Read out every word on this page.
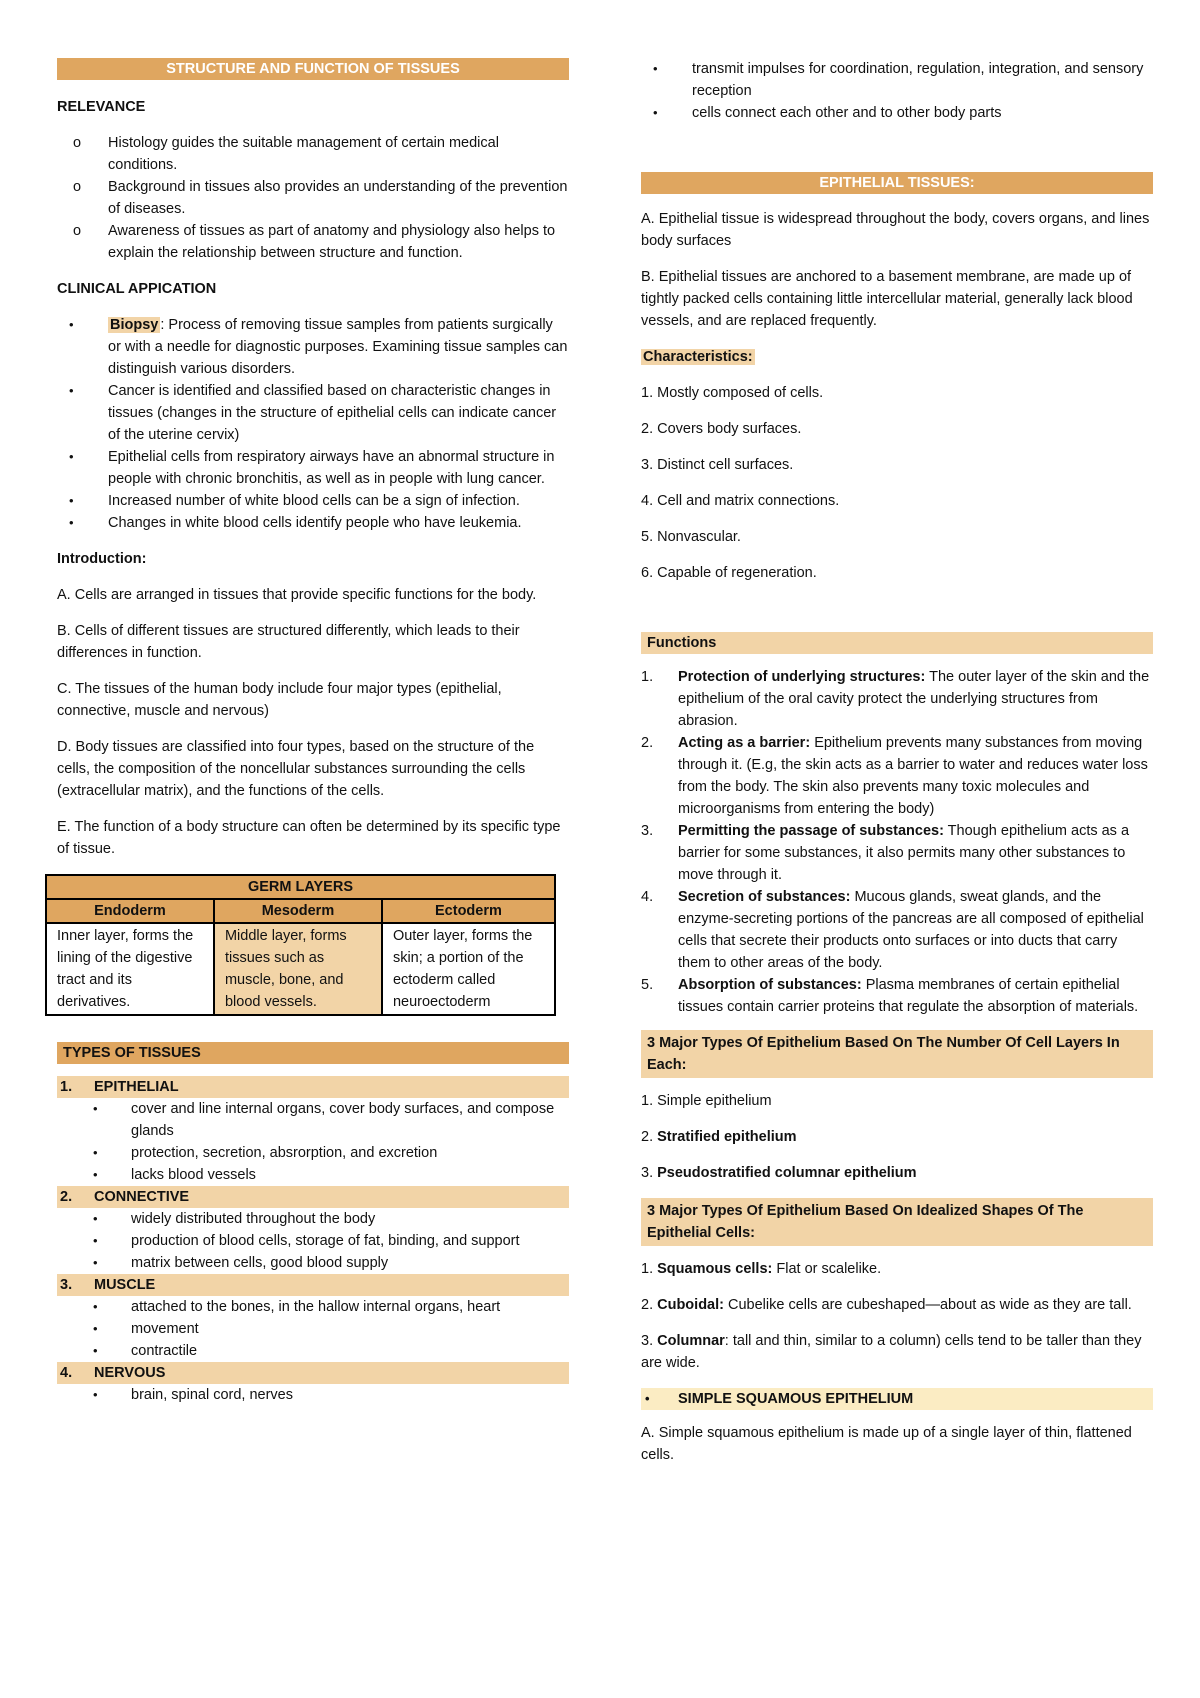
STRUCTURE AND FUNCTION OF TISSUES

RELEVANCE

o Histology guides the suitable management of certain medical conditions.
o Background in tissues also provides an understanding of the prevention of diseases.
o Awareness of tissues as part of anatomy and physiology also helps to explain the relationship between structure and function.

CLINICAL APPICATION

•	Biopsy : Process of removing tissue samples from patients surgically or with a needle for diagnostic purposes. Examining tissue samples can distinguish various disorders.
• Cancer is identified and classified based on characteristic changes in tissues (changes in the structure of epithelial cells can indicate cancer of the uterine cervix)
• Epithelial cells from respiratory airways have an abnormal structure in people with chronic bronchitis, as well as in people with lung cancer.
• Increased number of white blood cells can be a sign of infection.
• Changes in white blood cells identify people who have leukemia.

Introduction:

A. Cells are arranged in tissues that provide specific functions for the body.

B. Cells of different tissues are structured differently, which leads to their differences in function.

C. The tissues of the human body include four major types (epithelial, connective, muscle and nervous)

D. Body tissues are classified into four types, based on the structure of the cells, the composition of the noncellular substances surrounding the cells (extracellular matrix), and the functions of the cells.

E. The function of a body structure can often be determined by its specific type of tissue.

GERM LAYERS		
Endoderm	Mesoderm	Ectoderm
Inner layer, forms the lining of the digestive tract and its derivatives.	Middle layer, forms tissues such as muscle, bone, and blood vessels.	Outer layer, forms the skin; a portion of the ectoderm called neuroectoderm
TYPES OF TISSUES
1. EPITHELIAL
• cover and line internal organs, cover body surfaces, and compose glands
• protection, secretion, absrorption, and excretion
• lacks blood vessels
2. CONNECTIVE
• widely distributed throughout the body
• production of blood cells, storage of fat, binding, and support
• matrix between cells, good blood supply
3. MUSCLE
• attached to the bones, in the hallow internal organs, heart
• movement
• contractile
4. NERVOUS
• brain, spinal cord, nerves
• transmit impulses for coordination, regulation, integration, and sensory reception
• cells connect each other and to other body parts
EPITHELIAL TISSUES:

A. Epithelial tissue is widespread throughout the body, covers organs, and lines body surfaces

B. Epithelial tissues are anchored to a basement membrane, are made up of tightly packed cells containing little intercellular material, generally lack blood vessels, and are replaced frequently.

Characteristics:

1. Mostly composed of cells.

2. Covers body surfaces.

3. Distinct cell surfaces.

4. Cell and matrix connections.

5. Nonvascular.

6. Capable of regeneration.

Functions
1. Protection of underlying structures: The outer layer of the skin and the epithelium of the oral cavity protect the underlying structures from abrasion.
2. Acting as a barrier: Epithelium prevents many substances from moving through it. (E.g, the skin acts as a barrier to water and reduces water loss from the body. The skin also prevents many toxic molecules and microorganisms from entering the body)
3. Permitting the passage of substances: Though epithelium acts as a barrier for some substances, it also permits many other substances to move through it.
4. Secretion of substances: Mucous glands, sweat glands, and the enzyme-secreting portions of the pancreas are all composed of epithelial cells that secrete their products onto surfaces or into ducts that carry them to other areas of the body.
5. Absorption of substances: Plasma membranes of certain epithelial tissues contain carrier proteins that regulate the absorption of materials.
3 Major Types Of Epithelium Based On The Number Of Cell Layers In Each:

1. Simple epithelium

2. Stratified epithelium

3. Pseudostratified columnar epithelium

3 Major Types Of Epithelium Based On Idealized Shapes Of The Epithelial Cells:

1. Squamous cells: Flat or scalelike.

2. Cuboidal: Cubelike cells are cubeshaped—about as wide as they are tall.

3. Columnar: tall and thin, similar to a column) cells tend to be taller than they are wide.

• SIMPLE SQUAMOUS EPITHELIUM

A. Simple squamous epithelium is made up of a single layer of thin, flattened cells.
